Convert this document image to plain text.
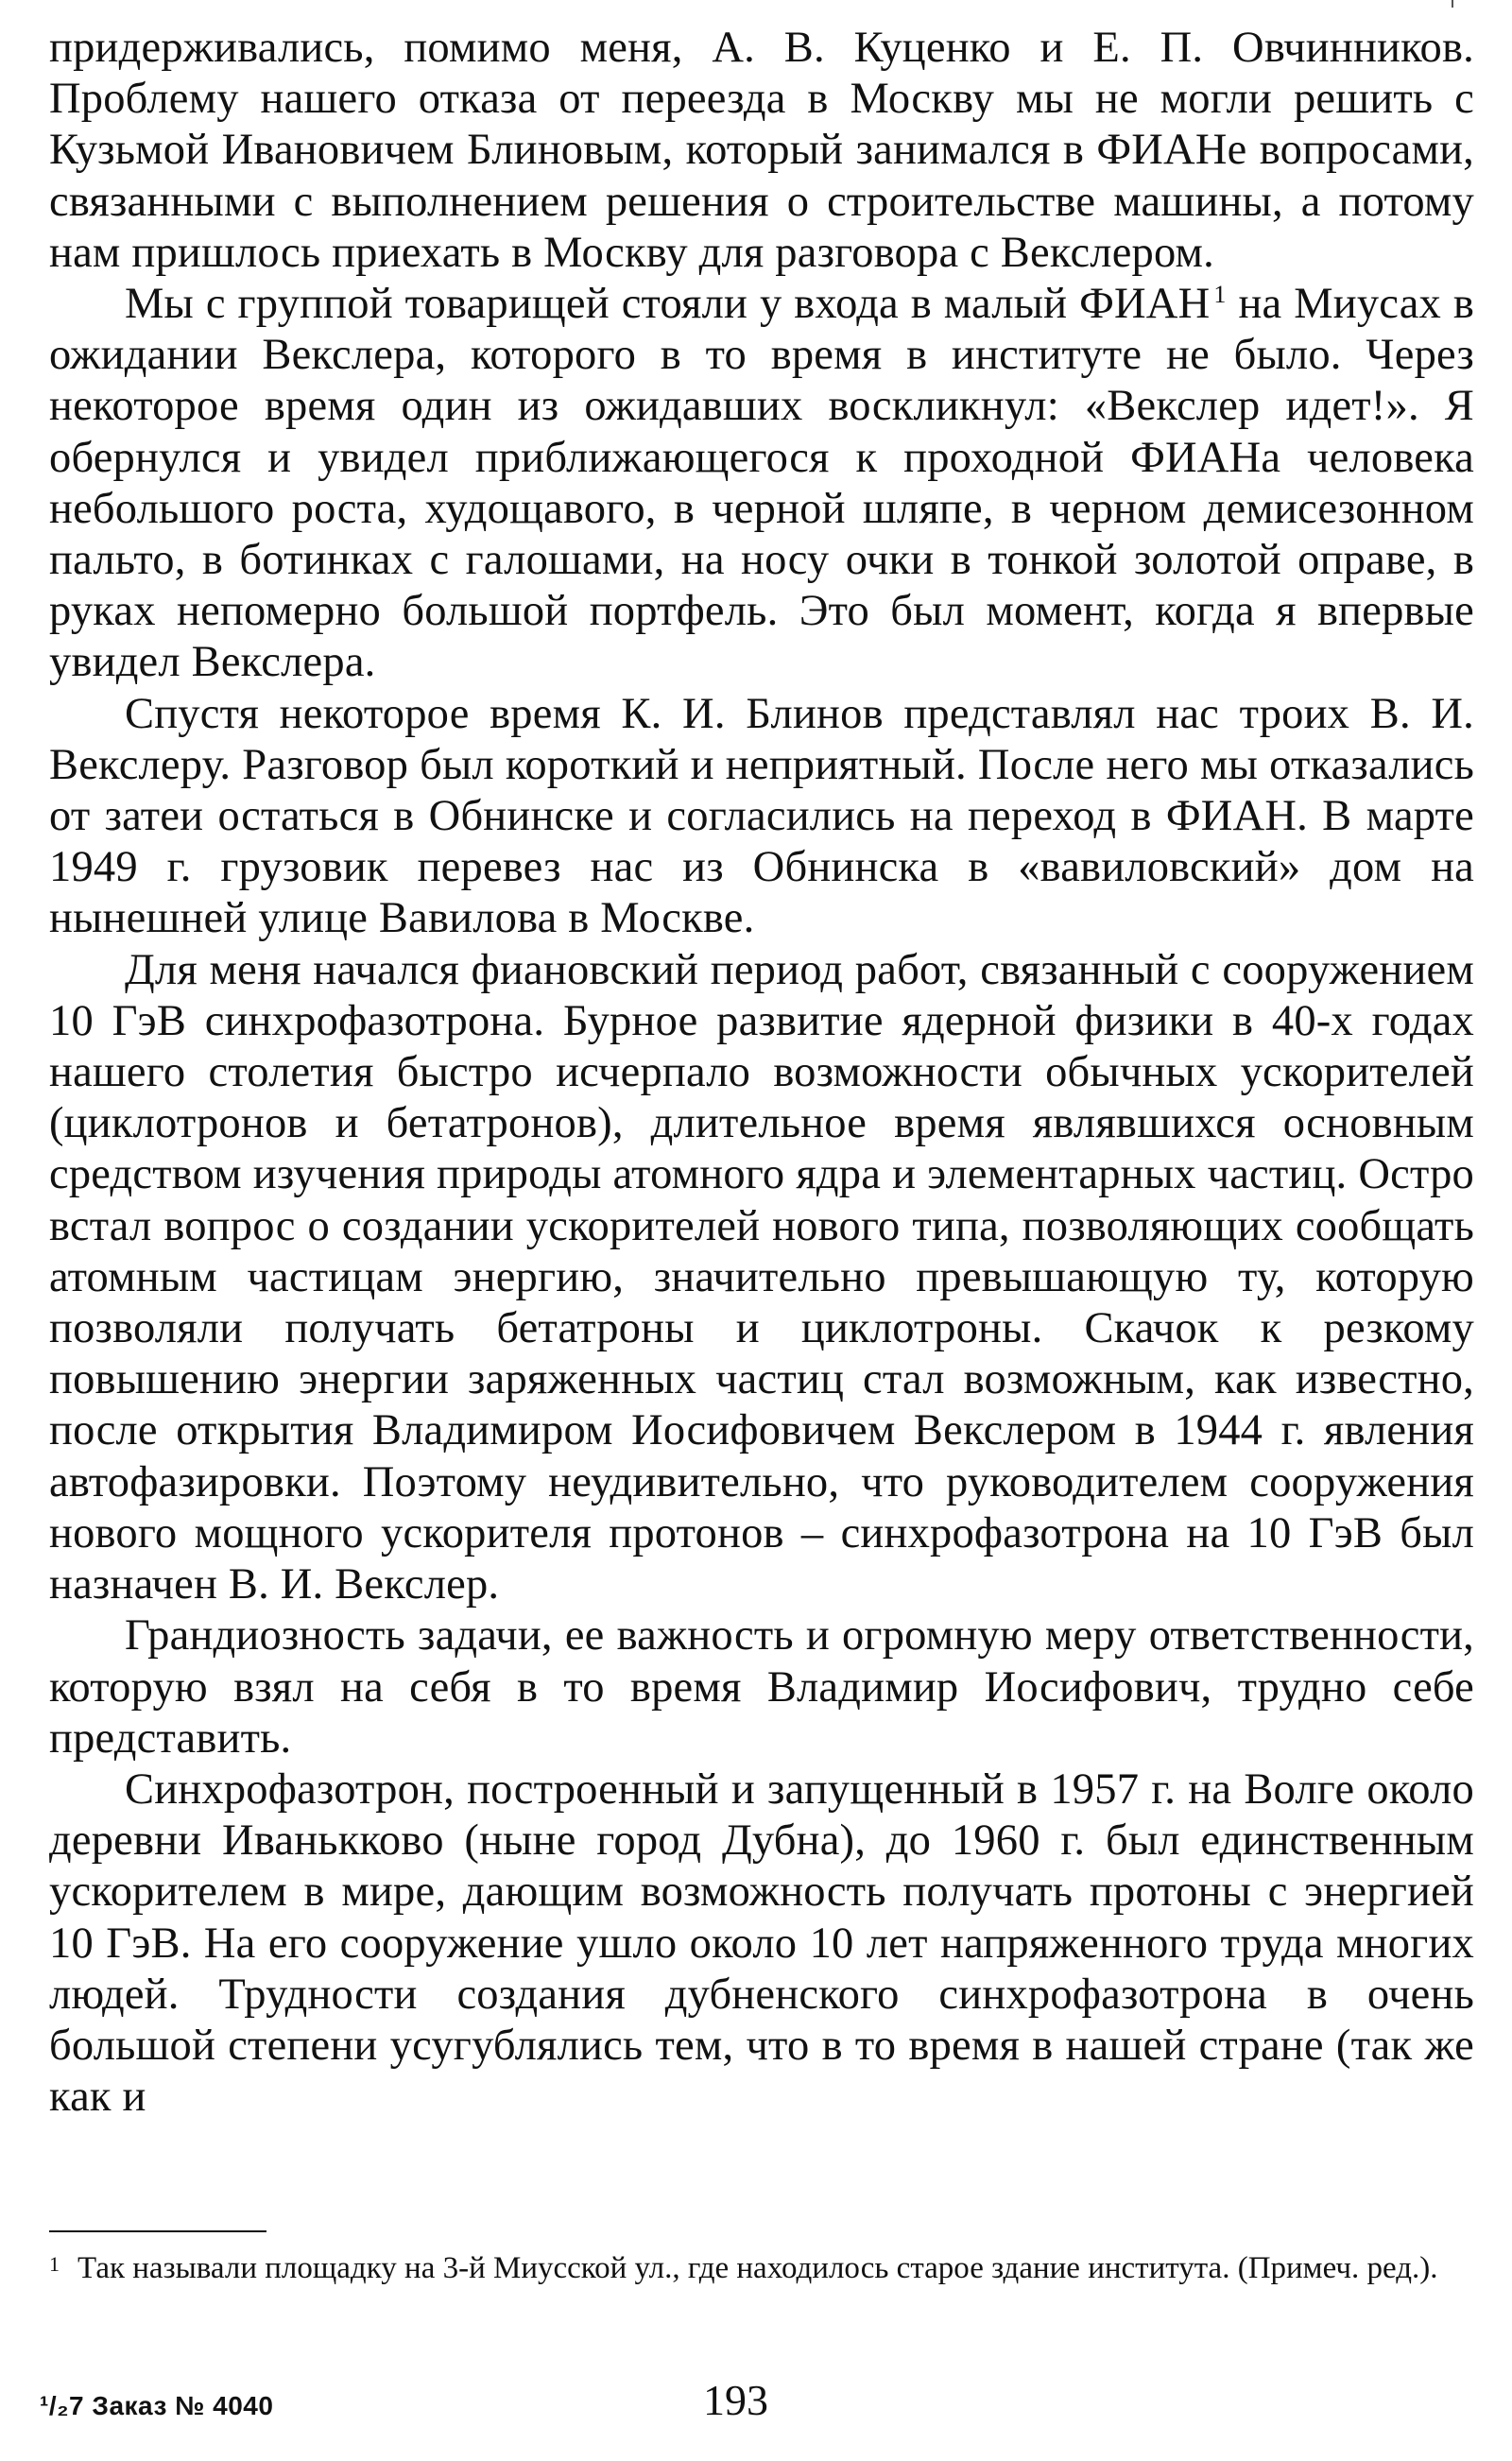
придерживались, помимо меня, А. В. Куценко и Е. П. Овчинников. Проблему нашего отказа от переезда в Москву мы не могли решить с Кузьмой Ивановичем Блиновым, который занимался в ФИАНе вопросами, связанными с выполнением решения о строительстве машины, а потому нам пришлось приехать в Москву для разговора с Векслером.

Мы с группой товарищей стояли у входа в малый ФИАН $^1$ на Миусах в ожидании Векслера, которого в то время в институте не было. Через некоторое время один из ожидавших воскликнул: «Векслер идет!». Я обернулся и увидел приближающегося к проходной ФИАНа человека небольшого роста, худощавого, в черной шляпе, в черном демисезонном пальто, в ботинках с галошами, на носу очки в тонкой золотой оправе, в руках непомерно большой портфель. Это был момент, когда я впервые увидел Векслера.

Спустя некоторое время К. И. Блинов представлял нас троих В. И. Векслеру. Разговор был короткий и неприятный. После него мы отказались от затеи остаться в Обнинске и согласились на переход в ФИАН. В марте 1949 г. грузовик перевез нас из Обнинска в «вавиловский» дом на нынешней улице Вавилова в Москве.

Для меня начался фиановский период работ, связанный с сооружением 10 ГэВ синхрофазотрона. Бурное развитие ядерной физики в 40-х годах нашего столетия быстро исчерпало возможности обычных ускорителей (циклотронов и бетатронов), длительное время являвшихся основным средством изучения природы атомного ядра и элементарных частиц. Остро встал вопрос о создании ускорителей нового типа, позволяющих сообщать атомным частицам энергию, значительно превышающую ту, которую позволяли получать бетатроны и циклотроны. Скачок к резкому повышению энергии заряженных частиц стал возможным, как известно, после открытия Владимиром Иосифовичем Векслером в 1944 г. явления автофазировки. Поэтому неудивительно, что руководителем сооружения нового мощного ускорителя протонов – синхрофазотрона на 10 ГэВ был назначен В. И. Векслер.

Грандиозность задачи, ее важность и огромную меру ответственности, которую взял на себя в то время Владимир Иосифович, трудно себе представить.

Синхрофазотрон, построенный и запущенный в 1957 г. на Волге около деревни Иванькково (ныне город Дубна), до 1960 г. был единственным ускорителем в мире, дающим возможность получать протоны с энергией 10 ГэВ. На его сооружение ушло около 10 лет напряженного труда многих людей. Трудности создания дубненского синхрофазотрона в очень большой степени усугублялись тем, что в то время в нашей стране (так же как и

1 Так называли площадку на 3-й Миусской ул., где находилось старое здание института. (Примеч. ред.).
¹/₂7 Заказ № 4040	193
